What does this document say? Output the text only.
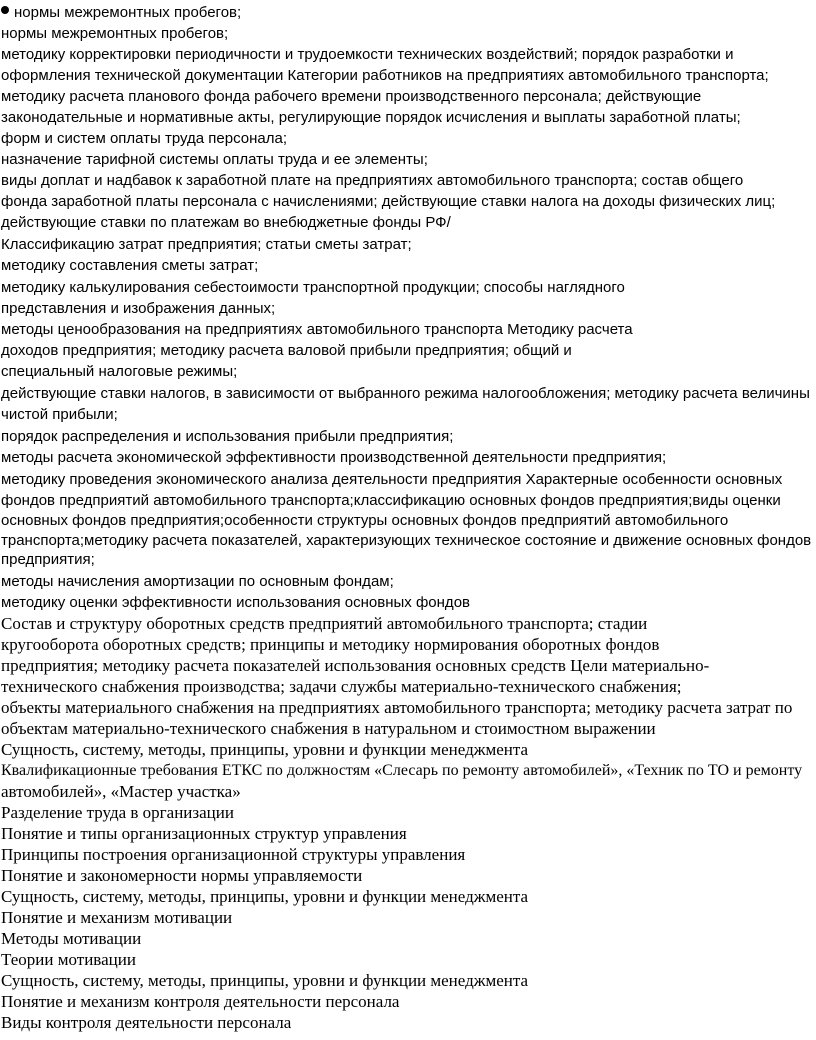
нормы межремонтных пробегов;
нормы межремонтных пробегов;
методику корректировки периодичности и трудоемкости технических воздействий; порядок разработки и
оформления технической документации Категории работников на предприятиях автомобильного транспорта;
методику расчета планового фонда рабочего времени производственного персонала; действующие
законодательные и нормативные акты, регулирующие порядок исчисления и выплаты заработной платы;
форм и систем оплаты труда персонала;
назначение тарифной системы оплаты труда и ее элементы;
виды доплат и надбавок к заработной плате на предприятиях автомобильного транспорта; состав общего
фонда заработной платы персонала с начислениями; действующие ставки налога на доходы физических лиц;
действующие ставки по платежам во внебюджетные фонды РФ/
Классификацию затрат предприятия; статьи сметы затрат;
методику составления сметы затрат;
методику калькулирования себестоимости транспортной продукции; способы наглядного
представления и изображения данных;
методы ценообразования на предприятиях автомобильного транспорта Методику расчета
доходов предприятия; методику расчета валовой прибыли предприятия; общий и
специальный налоговые режимы;
действующие ставки налогов, в зависимости от выбранного режима налогообложения; методику расчета величины
чистой прибыли;
порядок распределения и использования прибыли предприятия;
методы расчета экономической эффективности производственной деятельности предприятия;
методику проведения экономического анализа деятельности предприятия Характерные особенности основных
фондов предприятий автомобильного транспорта;классификацию основных фондов предприятия;виды оценки
основных фондов предприятия;особенности структуры основных фондов предприятий автомобильного
транспорта;методику расчета показателей, характеризующих техническое состояние и движение основных фондов
предприятия;
методы начисления амортизации по основным фондам;
методику оценки эффективности использования основных фондов
Состав и структуру оборотных средств предприятий автомобильного транспорта; стадии
кругооборота оборотных средств; принципы и методику нормирования оборотных фондов
предприятия; методику расчета показателей использования основных средств Цели материально-
технического снабжения производства; задачи службы материально-технического снабжения;
объекты материального снабжения на предприятиях автомобильного транспорта; методику расчета затрат по
объектам материально-технического снабжения в натуральном и стоимостном выражении
Сущность, систему, методы, принципы, уровни и функции менеджмента
Квалификационные требования ЕТКС по должностям «Слесарь по ремонту автомобилей», «Техник по ТО и ремонту
автомобилей», «Мастер участка»
Разделение труда в организации
Понятие и типы организационных структур управления
Принципы построения организационной структуры управления
Понятие и закономерности нормы управляемости
Сущность, систему, методы, принципы, уровни и функции менеджмента
Понятие и механизм мотивации
Методы мотивации
Теории мотивации
Сущность, систему, методы, принципы, уровни и функции менеджмента
Понятие и механизм контроля деятельности персонала
Виды контроля деятельности персонала
